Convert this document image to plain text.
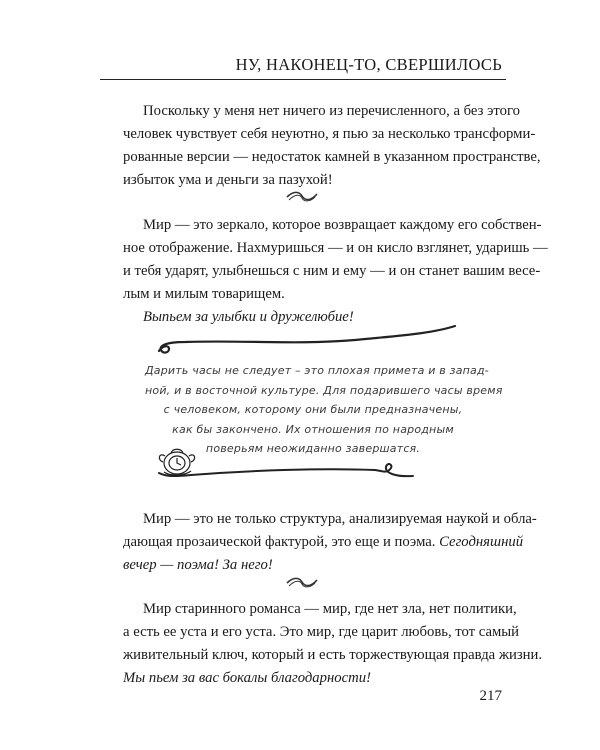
НУ, НАКОНЕЦ-ТО, СВЕРШИЛОСЬ
Поскольку у меня нет ничего из перечисленного, а без этого
человек чувствует себя неуютно, я пью за несколько трансформи-
рованные версии — недостаток камней в указанном пространстве,
избыток ума и деньги за пазухой!
Мир — это зеркало, которое возвращает каждому его собствен-
ное отображение. Нахмуришься — и он кисло взглянет, ударишь —
и тебя ударят, улыбнешься с ним и ему — и он станет вашим весе-
лым и милым товарищем.
Выпьем за улыбки и дружелюбие!
Дарить часы не следует – это плохая примета и в запад-
ной, и в восточной культуре. Для подарившего часы время
с человеком, которому они были предназначены,
как бы закончено. Их отношения по народным
поверьям неожиданно завершатся.
Мир — это не только структура, анализируемая наукой и обла-
дающая прозаической фактурой, это еще и поэма. Сегодняшний
вечер — поэма! За него!
Мир старинного романса — мир, где нет зла, нет политики,
а есть ее уста и его уста. Это мир, где царит любовь, тот самый
живительный ключ, который и есть торжествующая правда жизни.
Мы пьем за вас бокалы благодарности!
217
